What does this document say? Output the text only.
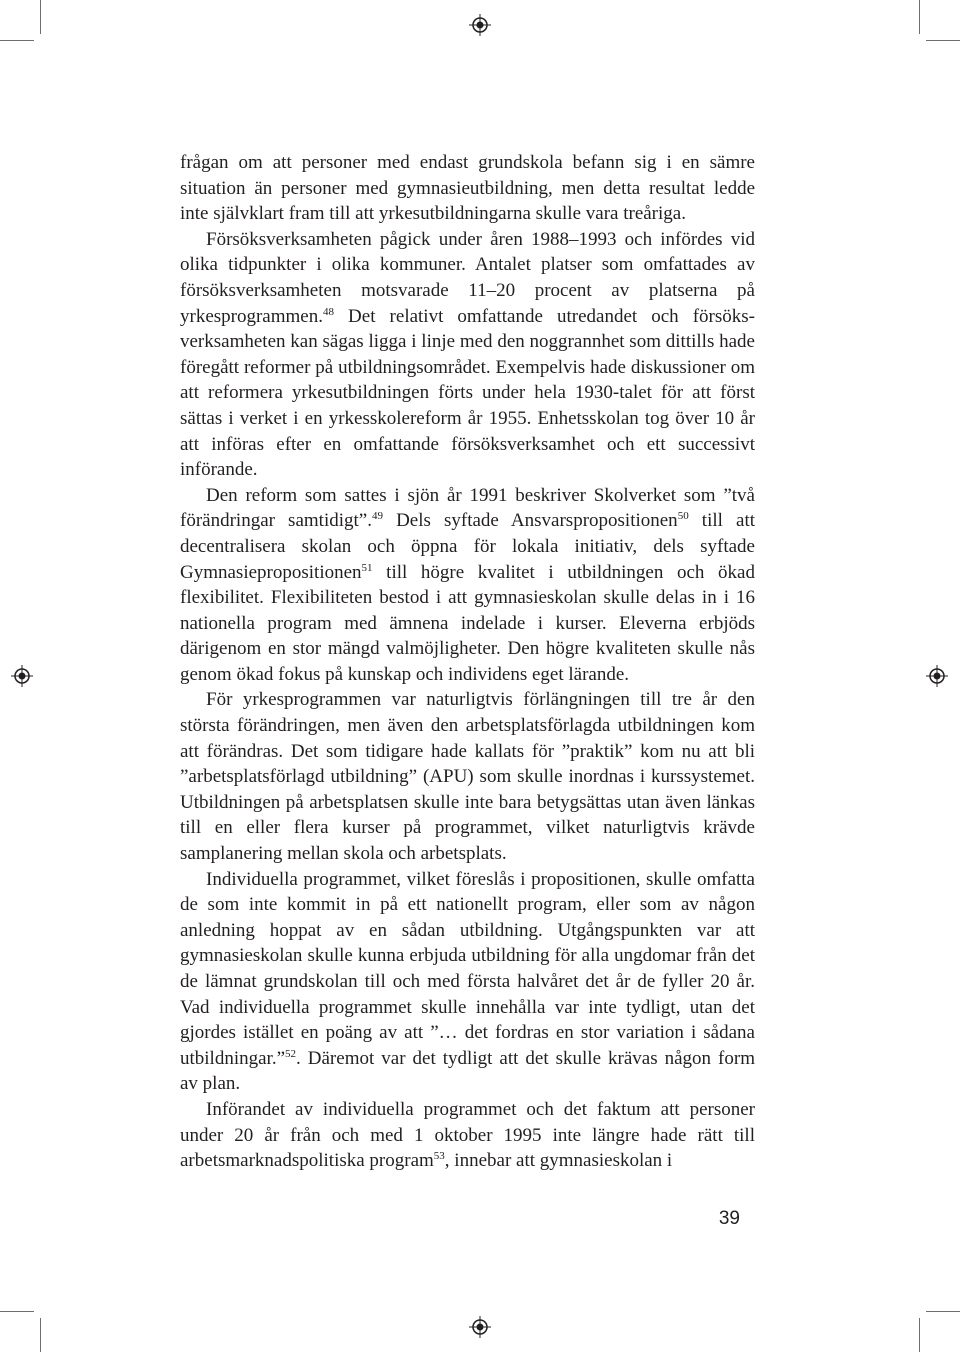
frågan om att personer med endast grundskola befann sig i en sämre situation än personer med gymnasieutbildning, men detta resultat ledde inte självklart fram till att yrkesutbildningarna skulle vara treåriga.

Försöksverksamheten pågick under åren 1988–1993 och infördes vid olika tidpunkter i olika kommuner. Antalet platser som omfattades av försöksverksamheten motsvarade 11–20 procent av platserna på yrkesprogrammen.$^{48}$ Det relativt omfattande utredandet och försöksverksamheten kan sägas ligga i linje med den noggrannhet som dittills hade föregått reformer på utbildningsområdet. Exempelvis hade diskussioner om att reformera yrkesutbildningen förts under hela 1930-talet för att först sättas i verket i en yrkesskolereform år 1955. Enhetsskolan tog över 10 år att införas efter en omfattande försöksverksamhet och ett successivt införande.

Den reform som sattes i sjön år 1991 beskriver Skolverket som ”två förändringar samtidigt”.$^{49}$ Dels syftade Ansvarspropositionen$^{50}$ till att decentralisera skolan och öppna för lokala initiativ, dels syftade Gymnasiepropositionen$^{51}$ till högre kvalitet i utbildningen och ökad flexibilitet. Flexibiliteten bestod i att gymnasieskolan skulle delas in i 16 nationella program med ämnena indelade i kurser. Eleverna erbjöds därigenom en stor mängd valmöjligheter. Den högre kvaliteten skulle nås genom ökad fokus på kunskap och individens eget lärande.

För yrkesprogrammen var naturligtvis förlängningen till tre år den största förändringen, men även den arbetsplatsförlagda utbildningen kom att förändras. Det som tidigare hade kallats för ”praktik” kom nu att bli ”arbetsplatsförlagd utbildning” (APU) som skulle inordnas i kurssystemet. Utbildningen på arbetsplatsen skulle inte bara betygsättas utan även länkas till en eller flera kurser på programmet, vilket naturligtvis krävde samplanering mellan skola och arbetsplats.

Individuella programmet, vilket föreslås i propositionen, skulle omfatta de som inte kommit in på ett nationellt program, eller som av någon anledning hoppat av en sådan utbildning. Utgångspunkten var att gymnasieskolan skulle kunna erbjuda utbildning för alla ungdomar från det de lämnat grundskolan till och med första halvåret det år de fyller 20 år. Vad individuella programmet skulle innehålla var inte tydligt, utan det gjordes istället en poäng av att ”… det fordras en stor variation i sådana utbildningar.”$^{52}$. Däremot var det tydligt att det skulle krävas någon form av plan.

Införandet av individuella programmet och det faktum att personer under 20 år från och med 1 oktober 1995 inte längre hade rätt till arbetsmarknadspolitiska program$^{53}$, innebar att gymnasieskolan i

39
